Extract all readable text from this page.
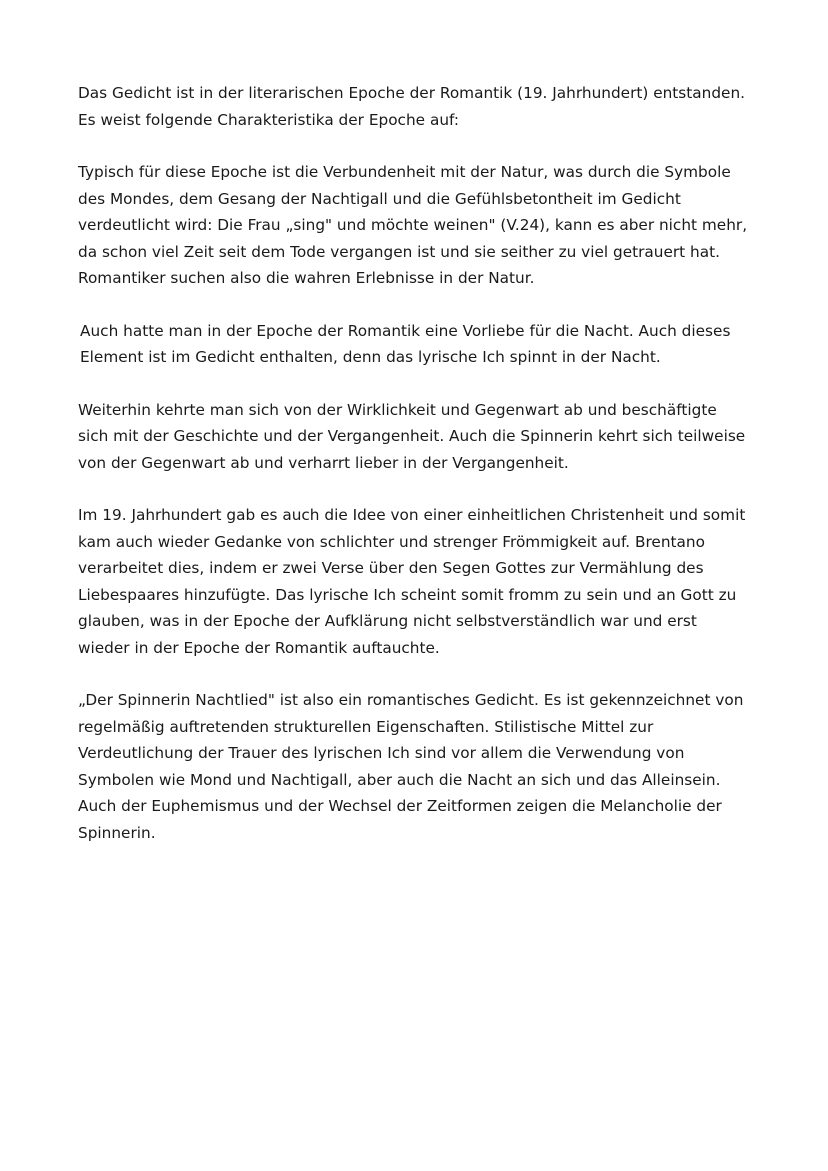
Das Gedicht ist in der literarischen Epoche der Romantik (19. Jahrhundert) entstanden. Es weist folgende Charakteristika der Epoche auf:

Typisch für diese Epoche ist die Verbundenheit mit der Natur, was durch die Symbole des Mondes, dem Gesang der Nachtigall und die Gefühlsbetontheit im Gedicht verdeutlicht wird: Die Frau „sing" und möchte weinen" (V.24), kann es aber nicht mehr, da schon viel Zeit seit dem Tode vergangen ist und sie seither zu viel getrauert hat. Romantiker suchen also die wahren Erlebnisse in der Natur.

Auch hatte man in der Epoche der Romantik eine Vorliebe für die Nacht. Auch dieses Element ist im Gedicht enthalten, denn das lyrische Ich spinnt in der Nacht.

Weiterhin kehrte man sich von der Wirklichkeit und Gegenwart ab und beschäftigte sich mit der Geschichte und der Vergangenheit. Auch die Spinnerin kehrt sich teilweise von der Gegenwart ab und verharrt lieber in der Vergangenheit.

Im 19. Jahrhundert gab es auch die Idee von einer einheitlichen Christenheit und somit kam auch wieder Gedanke von schlichter und strenger Frömmigkeit auf. Brentano verarbeitet dies, indem er zwei Verse über den Segen Gottes zur Vermählung des Liebespaares hinzufügte. Das lyrische Ich scheint somit fromm zu sein und an Gott zu glauben, was in der Epoche der Aufklärung nicht selbstverständlich war und erst wieder in der Epoche der Romantik auftauchte.

„Der Spinnerin Nachtlied" ist also ein romantisches Gedicht. Es ist gekennzeichnet von regelmäßig auftretenden strukturellen Eigenschaften. Stilistische Mittel zur Verdeutlichung der Trauer des lyrischen Ich sind vor allem die Verwendung von Symbolen wie Mond und Nachtigall, aber auch die Nacht an sich und das Alleinsein. Auch der Euphemismus und der Wechsel der Zeitformen zeigen die Melancholie der Spinnerin.
